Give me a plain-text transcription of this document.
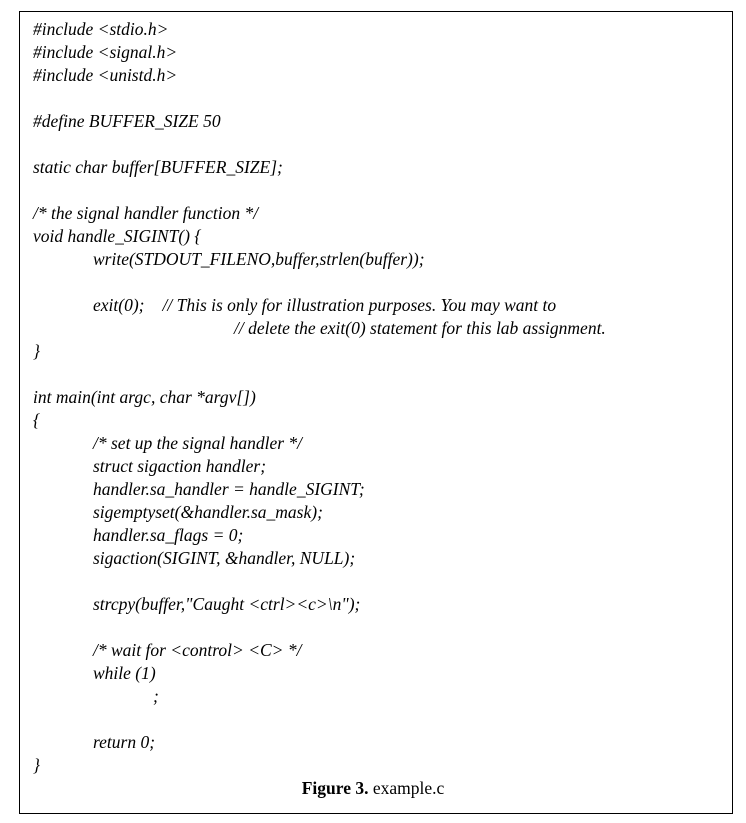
#include <stdio.h>
#include <signal.h>
#include <unistd.h>
#define BUFFER_SIZE 50
static char buffer[BUFFER_SIZE];
/* the signal handler function */
void handle_SIGINT() {
write(STDOUT_FILENO,buffer,strlen(buffer));
exit(0); // This is only for illustration purposes. You may want to
// delete the exit(0) statement for this lab assignment.
}
int main(int argc, char *argv[])
{
/* set up the signal handler */
struct sigaction handler;
handler.sa_handler = handle_SIGINT;
sigemptyset(&handler.sa_mask);
handler.sa_flags = 0;
sigaction(SIGINT, &handler, NULL);
strcpy(buffer,"Caught <ctrl><c>\n");
/* wait for <control> <C> */
while (1)
;
return 0;
}
Figure 3. example.c
